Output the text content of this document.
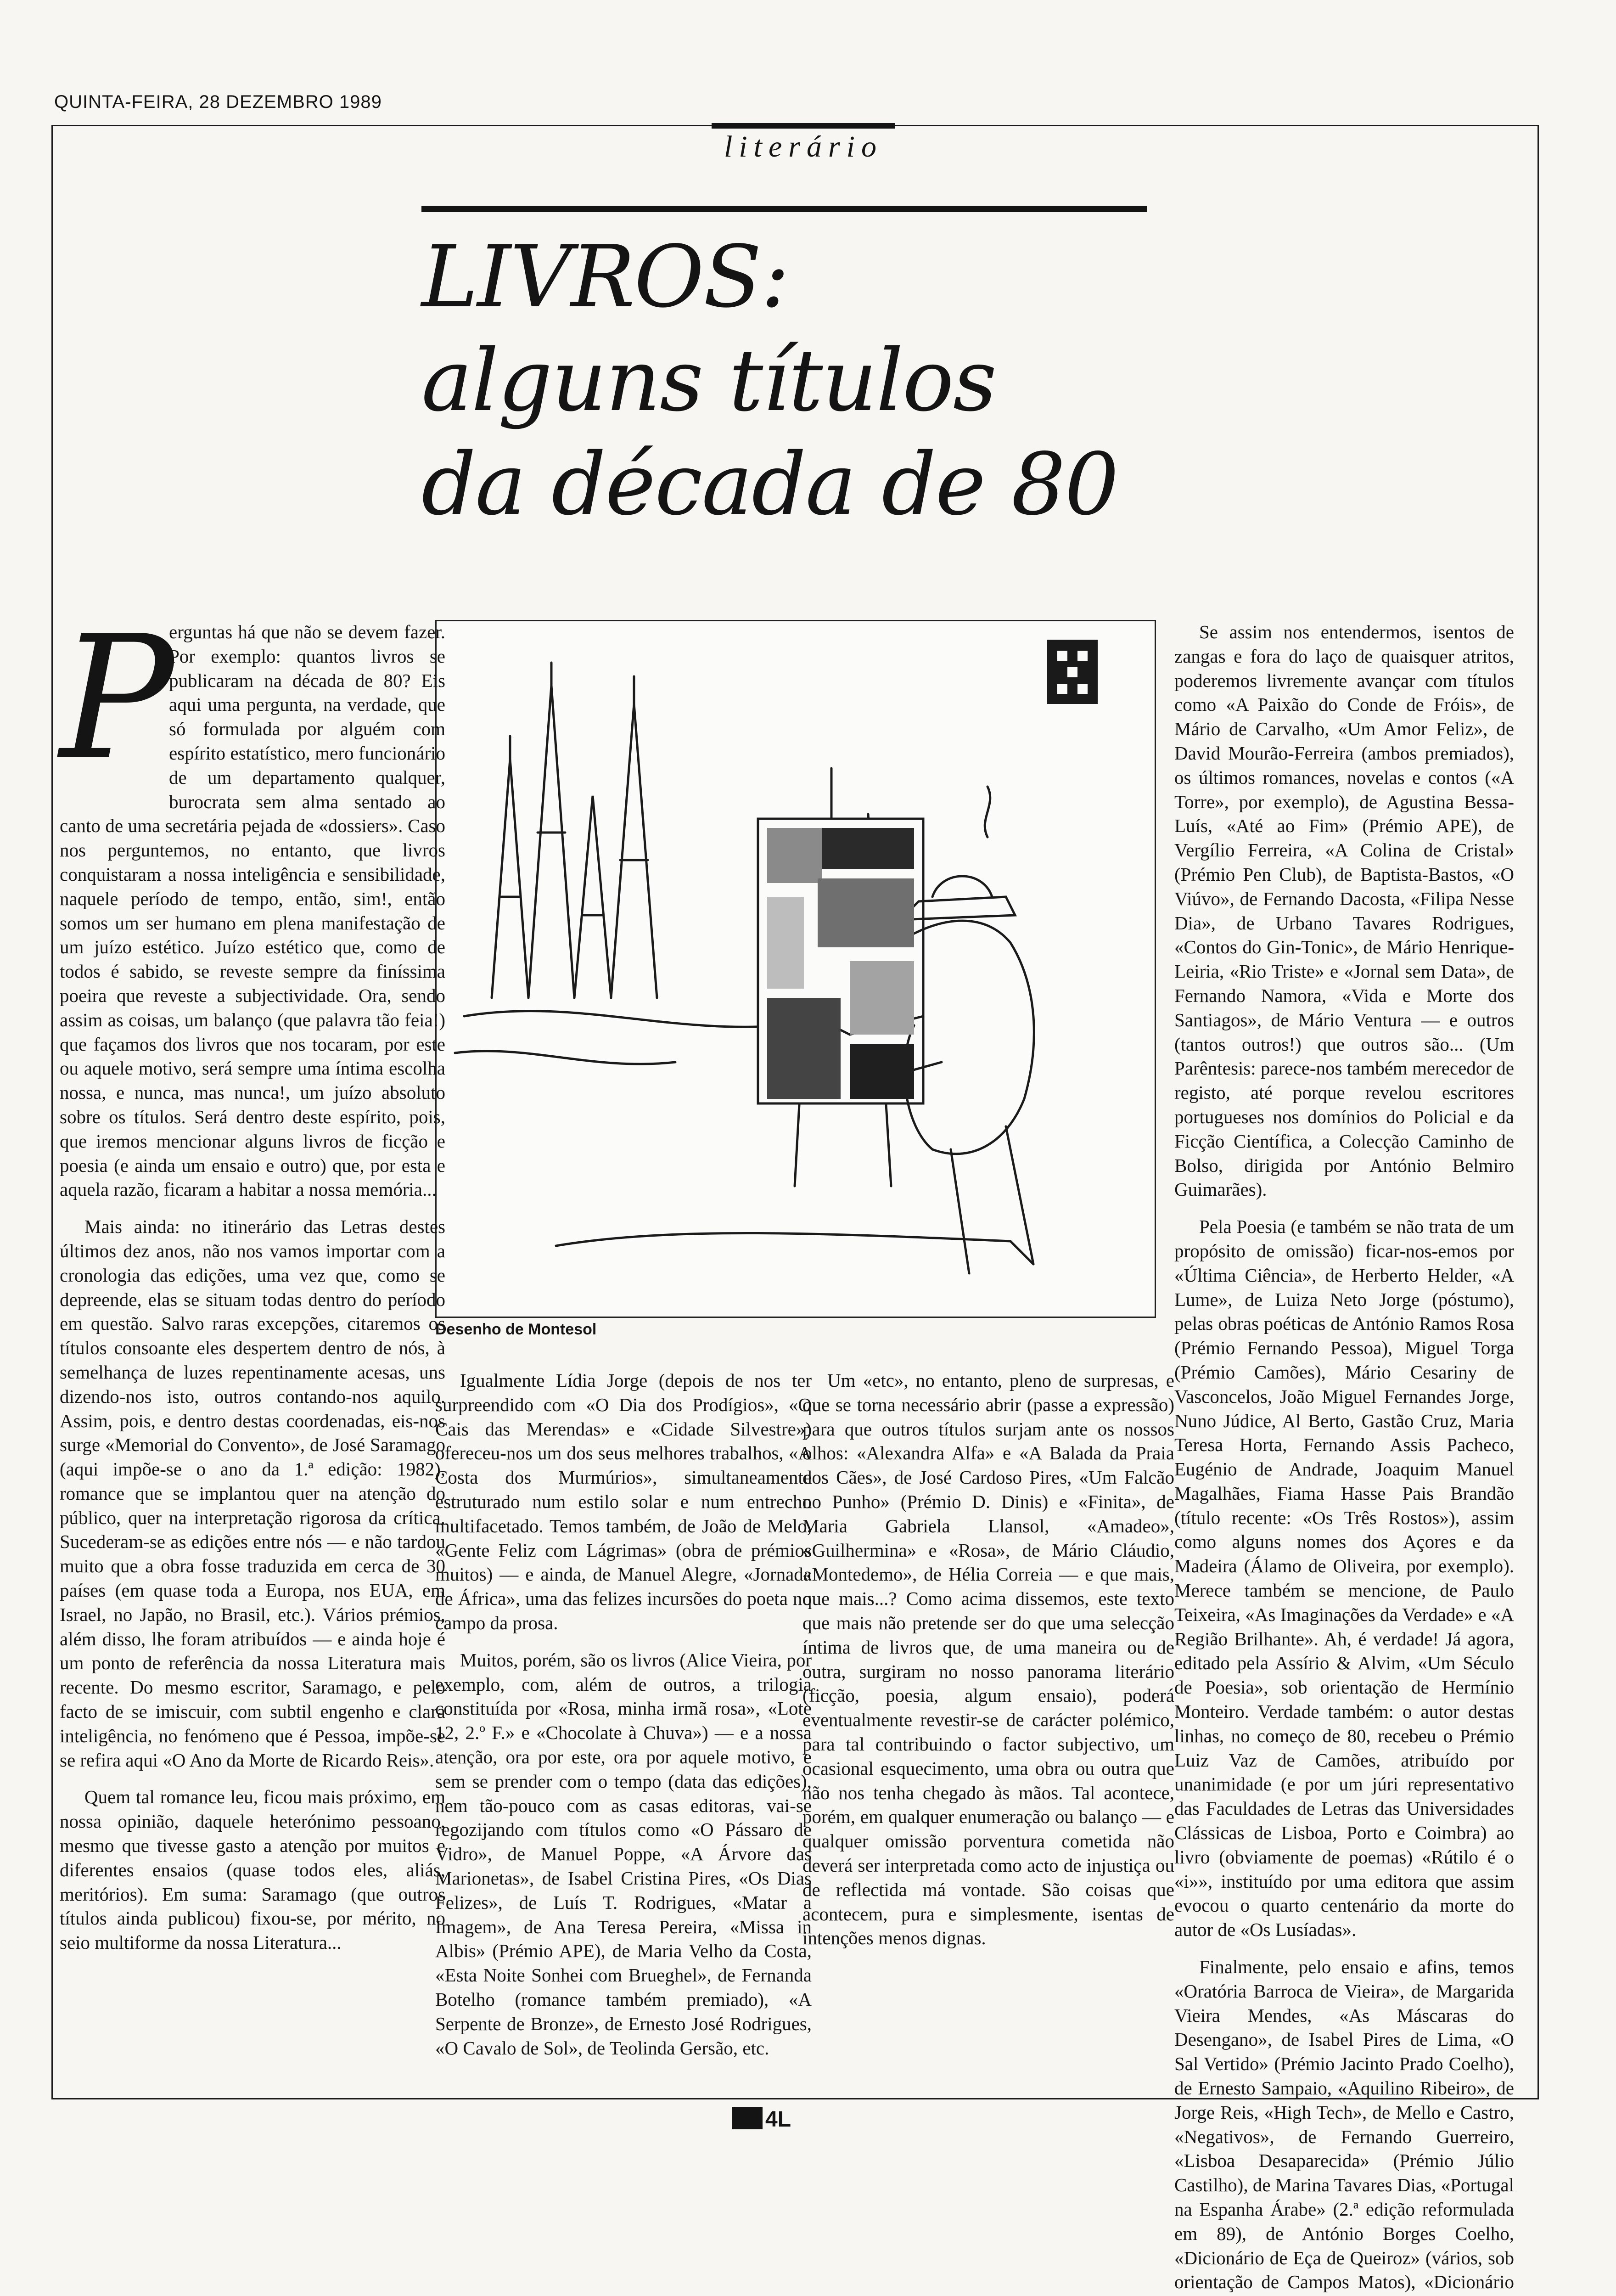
QUINTA-FEIRA, 28 DEZEMBRO 1989
literário
LIVROS:
alguns títulos
da década de 80
Desenho de Montesol
P

erguntas há que não se devem fazer. Por exemplo: quantos livros se publicaram na década de 80? Eis aqui uma pergunta, na verdade, que só formulada por alguém com espírito estatístico, mero funcionário de um departamento qualquer, burocrata sem alma sentado ao canto de uma secretária pejada de «dossiers». Caso nos perguntemos, no entanto, que livros conquistaram a nossa inteligência e sensibilidade, naquele período de tempo, então, sim!, então somos um ser humano em plena manifestação de um juízo estético. Juízo estético que, como de todos é sabido, se reveste sempre da finíssima poeira que reveste a subjectividade. Ora, sendo assim as coisas, um balanço (que palavra tão feia!) que façamos dos livros que nos tocaram, por este ou aquele motivo, será sempre uma íntima escolha nossa, e nunca, mas nunca!, um juízo absoluto sobre os títulos. Será dentro deste espírito, pois, que iremos mencionar alguns livros de ficção e poesia (e ainda um ensaio e outro) que, por esta e aquela razão, ficaram a habitar a nossa memória...

Mais ainda: no itinerário das Letras destes últimos dez anos, não nos vamos importar com a cronologia das edições, uma vez que, como se depreende, elas se situam todas dentro do período em questão. Salvo raras excepções, citaremos os títulos consoante eles despertem dentro de nós, à semelhança de luzes repentinamente acesas, uns dizendo-nos isto, outros contando-nos aquilo. Assim, pois, e dentro destas coordenadas, eis-nos surge «Memorial do Convento», de José Saramago (aqui impõe-se o ano da 1.ª edição: 1982), romance que se implantou quer na atenção do público, quer na interpretação rigorosa da crítica. Sucederam-se as edições entre nós — e não tardou muito que a obra fosse traduzida em cerca de 30 países (em quase toda a Europa, nos EUA, em Israel, no Japão, no Brasil, etc.). Vários prémios, além disso, lhe foram atribuídos — e ainda hoje é um ponto de referência da nossa Literatura mais recente. Do mesmo escritor, Saramago, e pelo facto de se imiscuir, com subtil engenho e clara inteligência, no fenómeno que é Pessoa, impõe-se se refira aqui «O Ano da Morte de Ricardo Reis».

Quem tal romance leu, ficou mais próximo, em nossa opinião, daquele heterónimo pessoano, mesmo que tivesse gasto a atenção por muitos e diferentes ensaios (quase todos eles, aliás, meritórios). Em suma: Saramago (que outros títulos ainda publicou) fixou-se, por mérito, no seio multiforme da nossa Literatura...

Igualmente Lídia Jorge (depois de nos ter surpreendido com «O Dia dos Prodígios», «O Cais das Merendas» e «Cidade Silvestre») ofereceu-nos um dos seus melhores trabalhos, «A Costa dos Murmúrios», simultaneamente estruturado num estilo solar e num entrecho multifacetado. Temos também, de João de Melo, «Gente Feliz com Lágrimas» (obra de prémios muitos) — e ainda, de Manuel Alegre, «Jornada de África», uma das felizes incursões do poeta no campo da prosa.

Muitos, porém, são os livros (Alice Vieira, por exemplo, com, além de outros, a trilogia constituída por «Rosa, minha irmã rosa», «Lote 12, 2.º F.» e «Chocolate à Chuva») — e a nossa atenção, ora por este, ora por aquele motivo, e sem se prender com o tempo (data das edições), nem tão-pouco com as casas editoras, vai-se regozijando com títulos como «O Pássaro de Vidro», de Manuel Poppe, «A Árvore das Marionetas», de Isabel Cristina Pires, «Os Dias Felizes», de Luís T. Rodrigues, «Matar a Imagem», de Ana Teresa Pereira, «Missa in Albis» (Prémio APE), de Maria Velho da Costa, «Esta Noite Sonhei com Brueghel», de Fernanda Botelho (romance também premiado), «A Serpente de Bronze», de Ernesto José Rodrigues, «O Cavalo de Sol», de Teolinda Gersão, etc.

Um «etc», no entanto, pleno de surpresas, e que se torna necessário abrir (passe a expressão) para que outros títulos surjam ante os nossos olhos: «Alexandra Alfa» e «A Balada da Praia dos Cães», de José Cardoso Pires, «Um Falcão no Punho» (Prémio D. Dinis) e «Finita», de Maria Gabriela Llansol, «Amadeo», «Guilhermina» e «Rosa», de Mário Cláudio, «Montedemo», de Hélia Correia — e que mais, que mais...? Como acima dissemos, este texto que mais não pretende ser do que uma selecção íntima de livros que, de uma maneira ou de outra, surgiram no nosso panorama literário (ficção, poesia, algum ensaio), poderá eventualmente revestir-se de carácter polémico, para tal contribuindo o factor subjectivo, um ocasional esquecimento, uma obra ou outra que não nos tenha chegado às mãos. Tal acontece, porém, em qualquer enumeração ou balanço — e qualquer omissão porventura cometida não deverá ser interpretada como acto de injustiça ou de reflectida má vontade. São coisas que acontecem, pura e simplesmente, isentas de intenções menos dignas.

Se assim nos entendermos, isentos de zangas e fora do laço de quaisquer atritos, poderemos livremente avançar com títulos como «A Paixão do Conde de Fróis», de Mário de Carvalho, «Um Amor Feliz», de David Mourão-Ferreira (ambos premiados), os últimos romances, novelas e contos («A Torre», por exemplo), de Agustina Bessa-Luís, «Até ao Fim» (Prémio APE), de Vergílio Ferreira, «A Colina de Cristal» (Prémio Pen Club), de Baptista-Bastos, «O Viúvo», de Fernando Dacosta, «Filipa Nesse Dia», de Urbano Tavares Rodrigues, «Contos do Gin-Tonic», de Mário Henrique-Leiria, «Rio Triste» e «Jornal sem Data», de Fernando Namora, «Vida e Morte dos Santiagos», de Mário Ventura — e outros (tantos outros!) que outros são... (Um Parêntesis: parece-nos também merecedor de registo, até porque revelou escritores portugueses nos domínios do Policial e da Ficção Científica, a Colecção Caminho de Bolso, dirigida por António Belmiro Guimarães).

Pela Poesia (e também se não trata de um propósito de omissão) ficar-nos-emos por «Última Ciência», de Herberto Helder, «A Lume», de Luiza Neto Jorge (póstumo), pelas obras poéticas de António Ramos Rosa (Prémio Fernando Pessoa), Miguel Torga (Prémio Camões), Mário Cesariny de Vasconcelos, João Miguel Fernandes Jorge, Nuno Júdice, Al Berto, Gastão Cruz, Maria Teresa Horta, Fernando Assis Pacheco, Eugénio de Andrade, Joaquim Manuel Magalhães, Fiama Hasse Pais Brandão (título recente: «Os Três Rostos»), assim como alguns nomes dos Açores e da Madeira (Álamo de Oliveira, por exemplo). Merece também se mencione, de Paulo Teixeira, «As Imaginações da Verdade» e «A Região Brilhante». Ah, é verdade! Já agora, editado pela Assírio & Alvim, «Um Século de Poesia», sob orientação de Hermínio Monteiro. Verdade também: o autor destas linhas, no começo de 80, recebeu o Prémio Luiz Vaz de Camões, atribuído por unanimidade (e por um júri representativo das Faculdades de Letras das Universidades Clássicas de Lisboa, Porto e Coimbra) ao livro (obviamente de poemas) «Rútilo é o «i»», instituído por uma editora que assim evocou o quarto centenário da morte do autor de «Os Lusíadas».

Finalmente, pelo ensaio e afins, temos «Oratória Barroca de Vieira», de Margarida Vieira Mendes, «As Máscaras do Desengano», de Isabel Pires de Lima, «O Sal Vertido» (Prémio Jacinto Prado Coelho), de Ernesto Sampaio, «Aquilino Ribeiro», de Jorge Reis, «High Tech», de Mello e Castro, «Negativos», de Fernando Guerreiro, «Lisboa Desaparecida» (Prémio Júlio Castilho), de Marina Tavares Dias, «Portugal na Espanha Árabe» (2.ª edição reformulada em 89), de António Borges Coelho, «Dicionário de Eça de Queiroz» (vários, sob orientação de Campos Matos), «Dicionário

4L
